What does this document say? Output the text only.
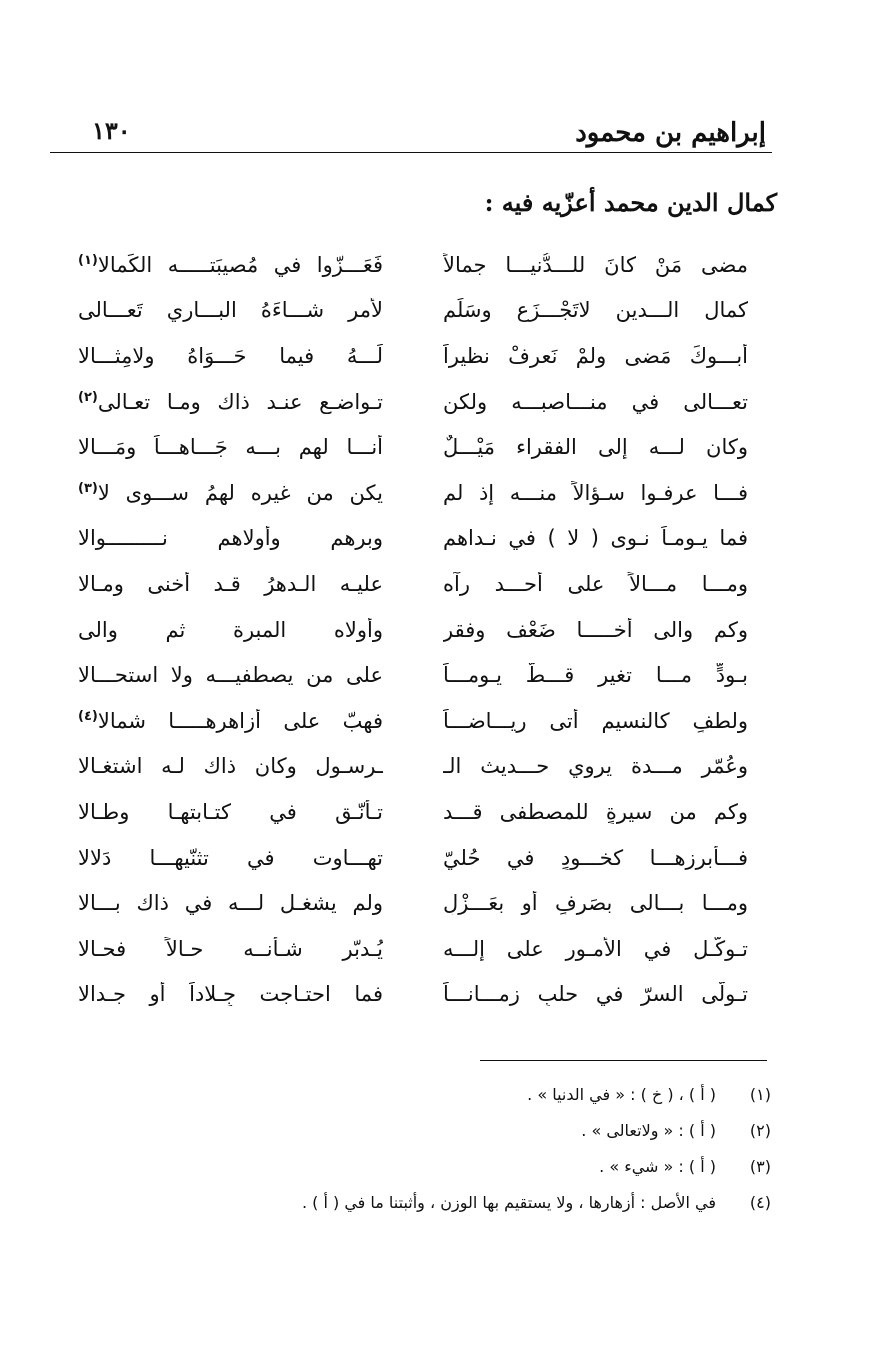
إبراهيم بن محمود
١٣٠
كمال الدين محمد أعزّيه فيه :
مضى مَنْ كانَ للـــدُّنيـــا جمالاً
فَعَـــزّوا في مُصيبَتـــــه الكَمالا$^{(١)}$
كمال الـــدين لاتَجْـــزَع وسَلِّم
لأمرِ شـــاءَهُ البـــاري تَعـــالى
أبـــوكَ مَضى ولمْ نَعرِفْ نظيراً
لَـــهُ فيما حَـــوَاهُ ولامِثـــالا
تعـــالى في منـــاصبـــه ولكن
تـواضـع عنـد ذاك ومـا تعـالى$^{(٢)}$
وكان لـــه إلى الفقراء مَيْـــلٌ
أنـــا لهم بـــه جَـــاهـــاً ومَـــالا
فـــا عرفـوا سـؤالاً منـــه إذ لم
يكن من غيره لهمُ ســـوى لا$^{(٣)}$
فما يـومـاً نـوى ( لا ) في نـداهم
وبرهم وأولاهم نـــــــــوالا
ومـــا مـــالاً على أحـــد رآه
عليـه الـدهرُ قـد أخنى ومـالا
وكم والى أخـــــا ضَعْف وفقر
وأولاه المبرة ثم والى
بـودٍّ مـــا تغير قـــطّ يـومـــاً
على من يصطفيـــه ولا استحـــالا
ولطفٍ كالنسيم أتى ريـــاضـــاً
فهبّ على أزاهرهـــــا شمالا$^{(٤)}$
وعُمّر مـــدة يروي حـــديث الـ
ـرسـول وكان ذاك لـه اشتغـالا
وكم من سيرةٍ للمصطفى قـــد
تـأنّـق في كتـابتهـا وطـالا
فـــأبرزهـــا كخـــودٍ في حُليّ
تهـــاوت في تثنّيهـــا دَلالا
ومـــا بـــالى بصَرفٍ أو بعَـــزْلٍ
ولم يشغـل لـــه في ذاك بـــالا
تـوكّـل في الأمـور على إلـــه
يُـدبّر شـأنــه حـالاً فحـالا
تـولّى السرّ في حلبٍ زمـــانـــاً
فما احتـاجت جِـلاداً أو جـدالا
(١)
( أ ) ، ( خ ) : « في الدنيا » .
(٢)
( أ ) : « ولاتعالى » .
(٣)
( أ ) : « شيء » .
(٤)
في الأصل : أزهارها ، ولا يستقيم بها الوزن ، وأثبتنا ما في ( أ ) .
